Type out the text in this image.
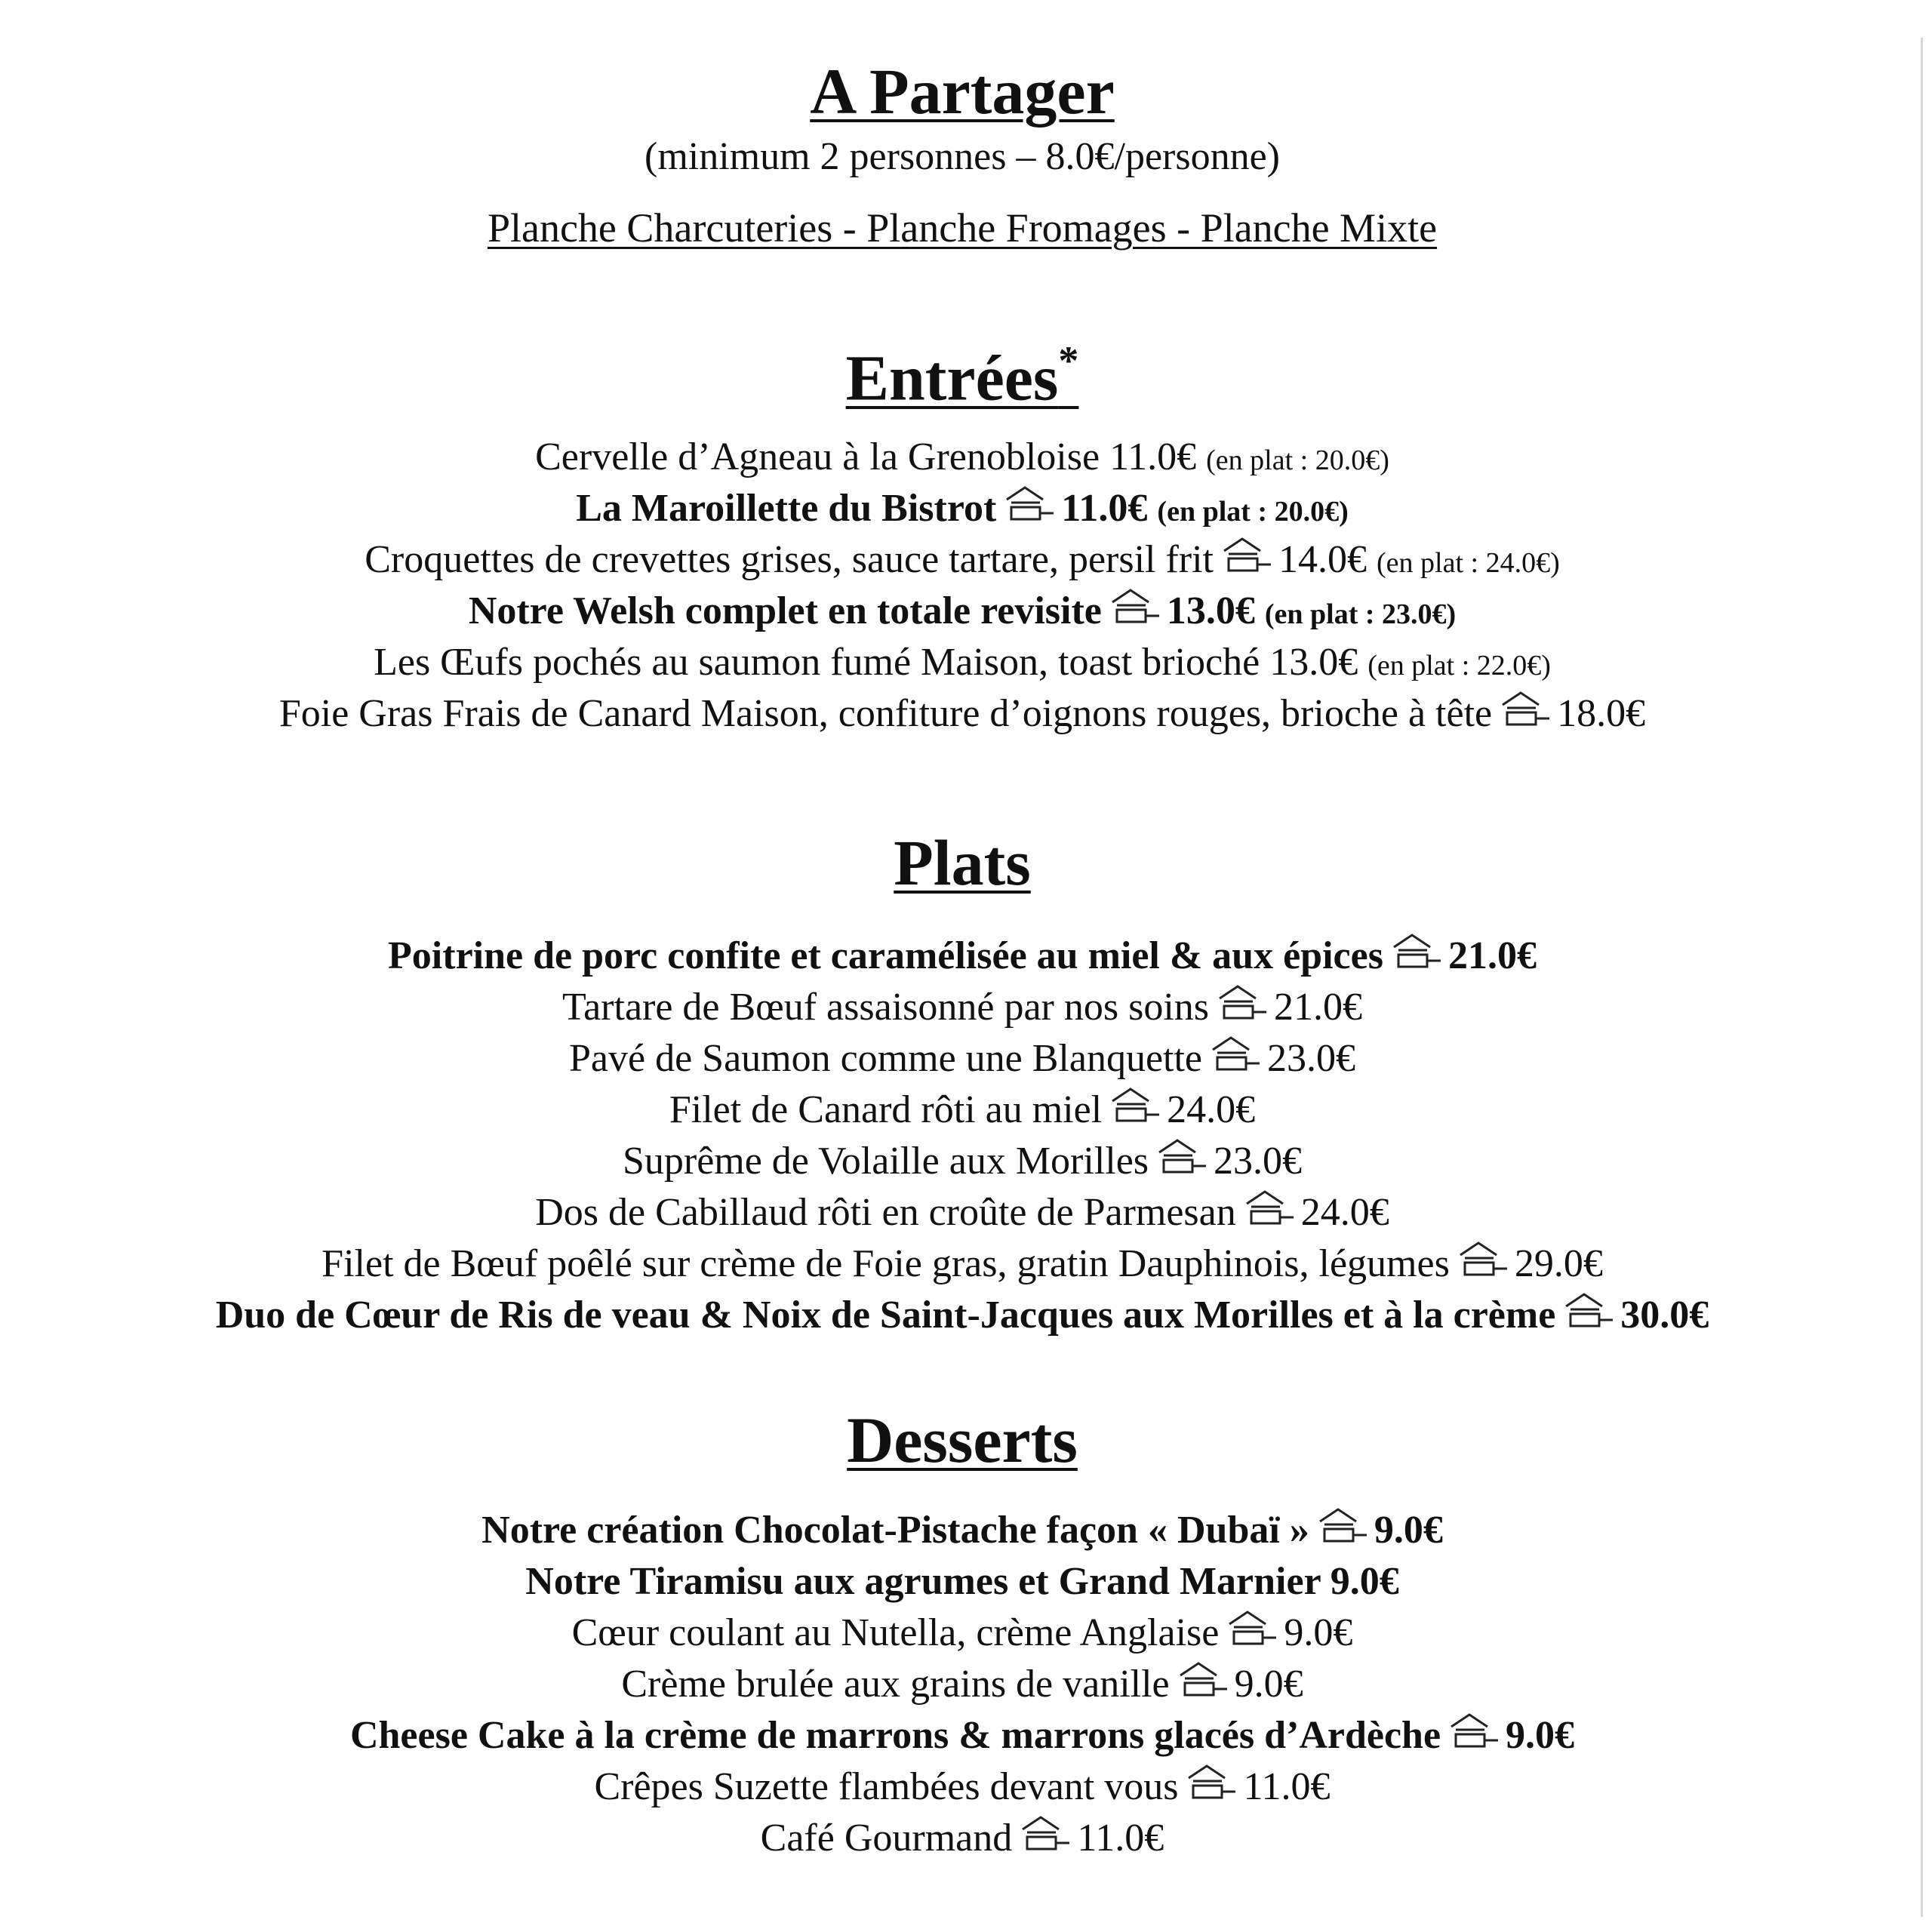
A Partager
(minimum 2 personnes – 8.0€/personne)
Planche Charcuteries - Planche Fromages - Planche Mixte
Entrées*
Cervelle d’Agneau à la Grenobloise 11.0€ (en plat : 20.0€)
La Maroillette du Bistrot 11.0€ (en plat : 20.0€)
Croquettes de crevettes grises, sauce tartare, persil frit 14.0€ (en plat : 24.0€)
Notre Welsh complet en totale revisite 13.0€ (en plat : 23.0€)
Les Œufs pochés au saumon fumé Maison, toast brioché 13.0€ (en plat : 22.0€)
Foie Gras Frais de Canard Maison, confiture d’oignons rouges, brioche à tête 18.0€
Plats
Poitrine de porc confite et caramélisée au miel & aux épices 21.0€
Tartare de Bœuf assaisonné par nos soins 21.0€
Pavé de Saumon comme une Blanquette 23.0€
Filet de Canard rôti au miel 24.0€
Suprême de Volaille aux Morilles 23.0€
Dos de Cabillaud rôti en croûte de Parmesan 24.0€
Filet de Bœuf poêlé sur crème de Foie gras, gratin Dauphinois, légumes 29.0€
Duo de Cœur de Ris de veau & Noix de Saint-Jacques aux Morilles et à la crème 30.0€
Desserts
Notre création Chocolat-Pistache façon « Dubaï » 9.0€
Notre Tiramisu aux agrumes et Grand Marnier 9.0€
Cœur coulant au Nutella, crème Anglaise 9.0€
Crème brulée aux grains de vanille 9.0€
Cheese Cake à la crème de marrons & marrons glacés d’Ardèche 9.0€
Crêpes Suzette flambées devant vous 11.0€
Café Gourmand 11.0€
